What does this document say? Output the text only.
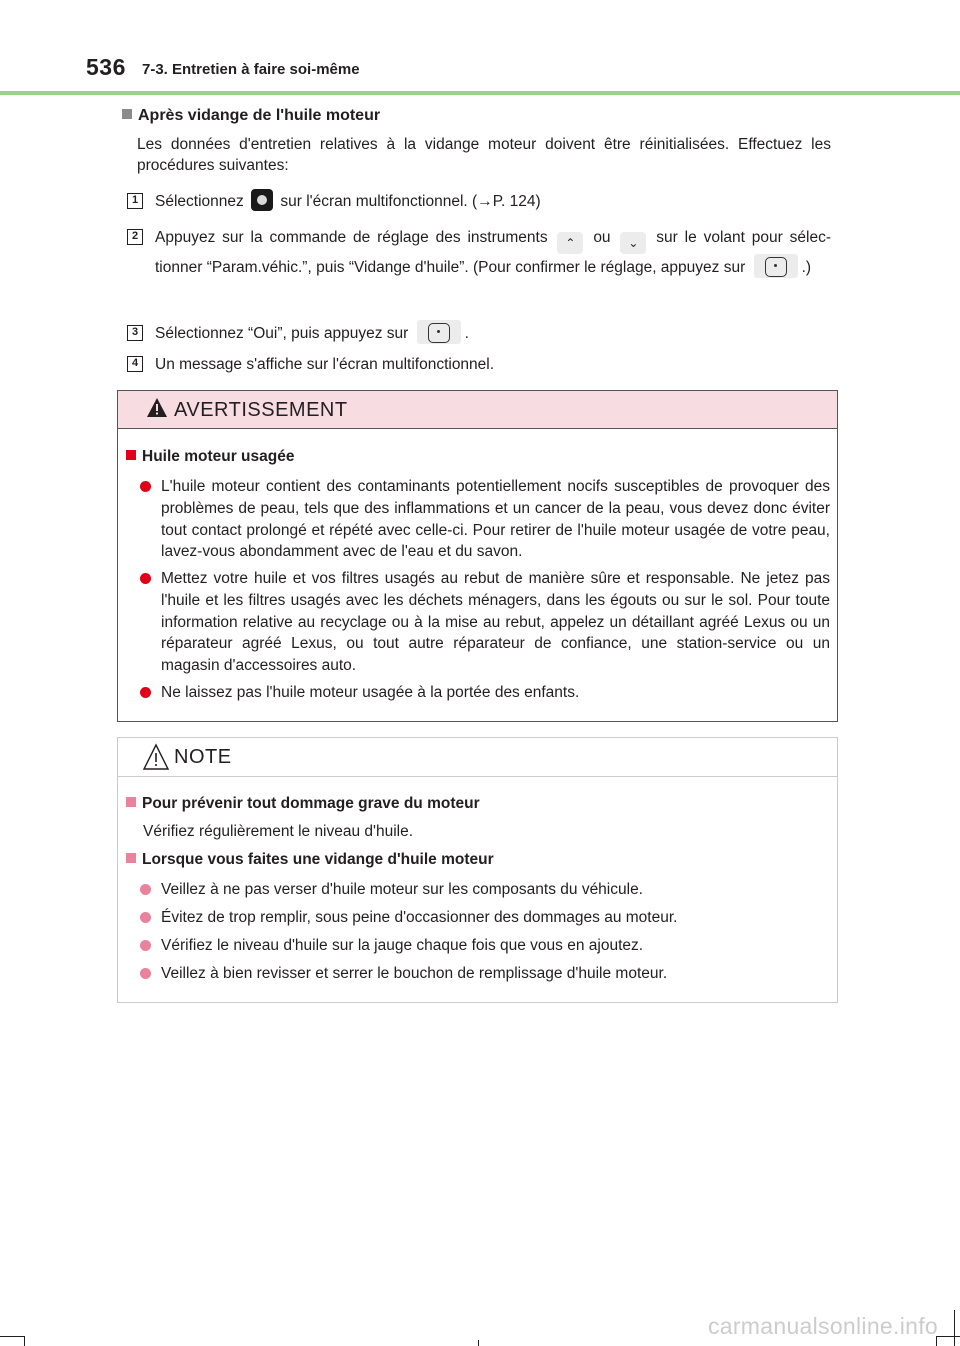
536 7-3. Entretien à faire soi-même
Après vidange de l'huile moteur
Les données d'entretien relatives à la vidange moteur doivent être réinitialisées. Effectuez les procédures suivantes:
1	Sélectionnez sur l'écran multifonctionnel. (→P. 124)
2	Appuyez sur la commande de réglage des instruments ⌃ ou ⌄ sur le volant pour sélectionner “Param.véhic.”, puis “Vidange d'huile”. (Pour confirmer le réglage, appuyez sur	.)
3	Sélectionnez “Oui”, puis appuyez sur	.
4	Un message s'affiche sur l'écran multifonctionnel.
AVERTISSEMENT
Huile moteur usagée
L'huile moteur contient des contaminants potentiellement nocifs susceptibles de provoquer des problèmes de peau, tels que des inflammations et un cancer de la peau, vous devez donc éviter tout contact prolongé et répété avec celle-ci. Pour retirer de l'huile moteur usagée de votre peau, lavez-vous abondamment avec de l'eau et du savon.
Mettez votre huile et vos filtres usagés au rebut de manière sûre et responsable. Ne jetez pas l'huile et les filtres usagés avec les déchets ménagers, dans les égouts ou sur le sol. Pour toute information relative au recyclage ou à la mise au rebut, appelez un détaillant agréé Lexus ou un réparateur agréé Lexus, ou tout autre réparateur de confiance, une station-service ou un magasin d'accessoires auto.
Ne laissez pas l'huile moteur usagée à la portée des enfants.
NOTE
Pour prévenir tout dommage grave du moteur
Vérifiez régulièrement le niveau d'huile.
Lorsque vous faites une vidange d'huile moteur
Veillez à ne pas verser d'huile moteur sur les composants du véhicule.
Évitez de trop remplir, sous peine d'occasionner des dommages au moteur.
Vérifiez le niveau d'huile sur la jauge chaque fois que vous en ajoutez.
Veillez à bien revisser et serrer le bouchon de remplissage d'huile moteur.
carmanualsonline.info
